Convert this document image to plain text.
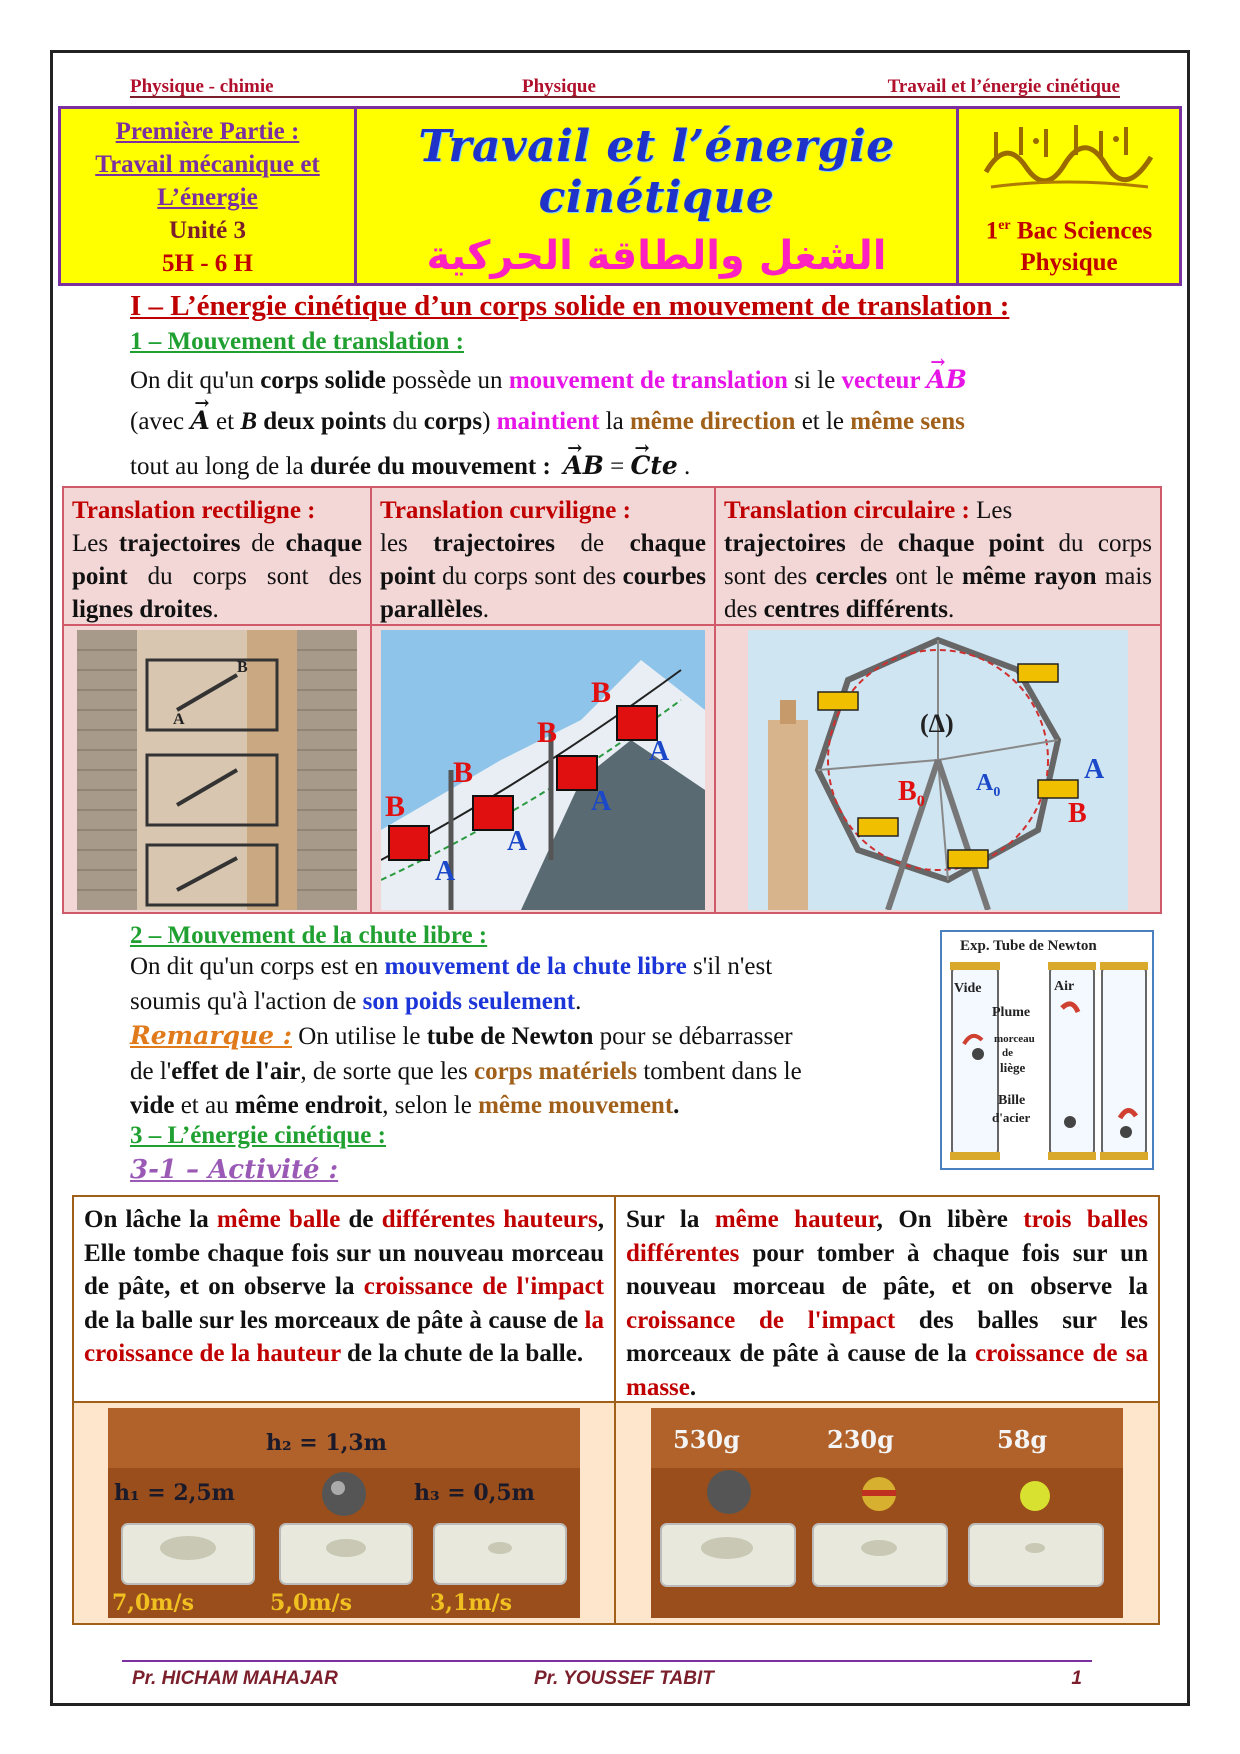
Physique - chimie	Physique	Travail et l’énergie cinétique
Première Partie :
Travail mécanique et
L’énergie
Unité 3
5H - 6 H
Travail et l’énergie cinétique
الشغل والطاقة الحركية
1er Bac Sciences
Physique
I – L’énergie cinétique d’un corps solide en mouvement de translation :
1 – Mouvement de translation :
On dit qu'un corps solide possède un mouvement de translation si le vecteur → AB
(avec → A et B deux points du corps) maintient la même direction et le même sens
tout au long de la durée du mouvement :  → AB = → Cte .
Translation rectiligne :
Les trajectoires de chaque point du corps sont des lignes droites.
Translation curviligne :
les trajectoires de chaque point du corps sont des courbes parallèles.
Translation circulaire : Les
trajectoires de chaque point du corps sont des cercles ont le même rayon mais des centres différents.
A
B
B
B
B
B
A
A
A
A
(Δ)
$B_0$
$A_0$
A
B
2 – Mouvement de la chute libre :
On dit qu'un corps est en mouvement de la chute libre s'il n'est
soumis qu'à l'action de son poids seulement.
Remarque : On utilise le tube de Newton pour se débarrasser
de l'effet de l'air, de sorte que les corps matériels tombent dans le
vide et au même endroit, selon le même mouvement.
Exp. Tube de Newton
Vide	Air
Plume
morceau
de
liège
Bille
d'acier
3 – L’énergie cinétique :
3-1 – Activité :
On lâche la même balle de différentes hauteurs, Elle tombe chaque fois sur un nouveau morceau de pâte, et on observe la croissance de l'impact de la balle sur les morceaux de pâte à cause de la croissance de la hauteur de la chute de la balle.
Sur la même hauteur, On libère trois balles différentes pour tomber à chaque fois sur un nouveau morceau de pâte, et on observe la croissance de l'impact des balles sur les morceaux de pâte à cause de la croissance de sa masse.
h₂ = 1,3m
h₁ = 2,5m	h₃ = 0,5m
7,0m/s	5,0m/s	3,1m/s
530g	230g	58g
Pr. HICHAM MAHAJAR	Pr. YOUSSEF TABIT	1
